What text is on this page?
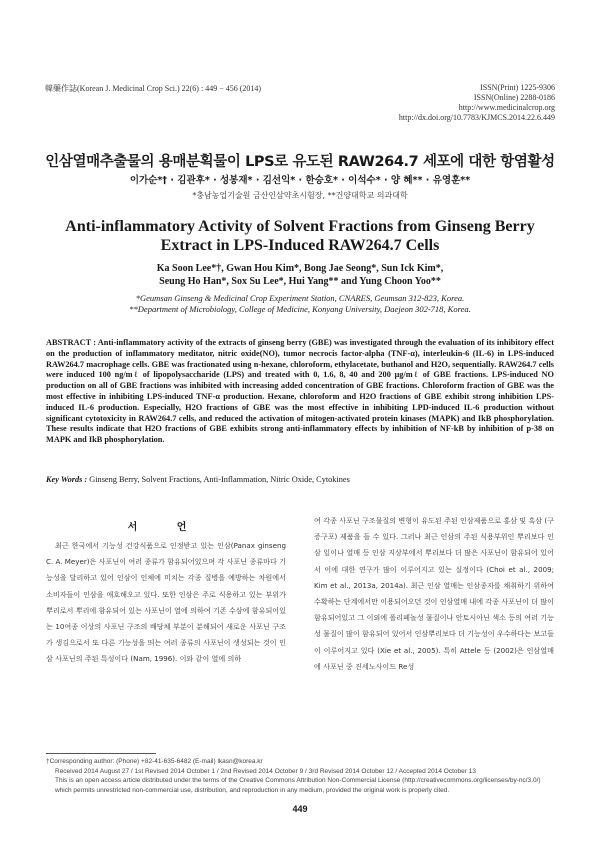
韓藥作誌(Korean J. Medicinal Crop Sci.) 22(6) : 449 − 456 (2014)	ISSN(Print) 1225-9306
ISSN(Online) 2288-0186
http://www.medicinalcrop.org
http://dx.doi.org/10.7783/KJMCS.2014.22.6.449
인삼열매추출물의 용매분획물이 LPS로 유도된 RAW264.7 세포에 대한 항염활성
이가순*† · 김관후* · 성봉재* · 김선익* · 한승호* · 이석수* · 양 혜** · 유영훈**
*충남농업기술원 금산인삼약초시험장, **건양대학교 의과대학
Anti-inflammatory Activity of Solvent Fractions from Ginseng Berry Extract in LPS-Induced RAW264.7 Cells
Ka Soon Lee*†, Gwan Hou Kim*, Bong Jae Seong*, Sun Ick Kim*,
Seung Ho Han*, Sox Su Lee*, Hui Yang** and Yung Choon Yoo**
*Geumsan Ginseng & Medicinal Crop Experiment Station, CNARES, Geumsan 312-823, Korea.
**Department of Microbiology, College of Medicine, Konyang University, Daejeon 302-718, Korea.
ABSTRACT : Anti-inflammatory activity of the extracts of ginseng berry (GBE) was investigated through the evaluation of its inhibitory effect on the production of inflammatory meditator, nitric oxide(NO), tumor necrocis factor-alpha (TNF-α), interleukin-6 (IL-6) in LPS-induced RAW264.7 macrophage cells. GBE was fractionated using n-hexane, chloroform, ethylacetate, buthanol and H2O, sequentially. RAW264.7 cells were induced 100 ng/mℓ of lipopolysaccharide (LPS) and treated with 0, 1.6, 8, 40 and 200 μg/mℓ of GBE fractions. LPS-induced NO production on all of GBE fractions was inhibited with increasing added concentration of GBE fractions. Chloroform fraction of GBE was the most effective in inhibiting LPS-induced TNF-α production. Hexane, chloroform and H2O fractions of GBE exhibit strong inhibition LPS-induced IL-6 production. Especially, H2O fractions of GBE was the most effective in inhibiting LPD-induced IL-6 production without significant cytotoxicity in RAW264.7 cells, and reduced the activation of mitogen-activated protein kinases (MAPK) and IkB phosphorylation. These results indicate that H2O fractions of GBE exhibits strong anti-inflammatory effects by inhibition of NF-kB by inhibition of p-38 on MAPK and IkB phosphorylation.
Key Words : Ginseng Berry, Solvent Fractions, Anti-Inflammation, Nitric Oxide, Cytokines
서 언
최근 한국에서 기능성 건강식품으로 인정받고 있는 인삼(Panax ginseng C. A. Meyer)은 사포닌이 여러 종류가 함유되어있으며 각 사포닌 종류마다 기능성을 달리하고 있어 인삼이 인체에 미치는 각종 질병을 예방하는 차원에서 소비자들이 인삼을 애호해오고 있다. 또한 인삼은 주로 식용하고 있는 부위가 뿌리로서 뿌리에 함유되어 있는 사포닌이 열에 의하여 기존 수삼에 함유되어있는 10여종 이상의 사포닌 구조의 배당체 부분이 분해되어 새로운 사포닌 구조가 생김으로서 또 다른 기능성을 띄는 여러 종류의 사포닌이 생성되는 것이 인삼 사포닌의 주된 특성이다 (Nam, 1996). 이와 같이 열에 의하
여 각종 사포닌 구조물질의 변형이 유도된 주된 인삼제품으로 홍삼 및 흑삼 (구증구포) 제품을 들 수 있다. 그러나 최근 인삼의 주된 식용부위인 뿌리보다 인삼 잎이나 열매 등 인삼 지상부에서 뿌리보다 더 많은 사포닌이 함유되어 있어서 이에 대한 연구가 많이 이루어지고 있는 실정이다 (Choi et al., 2009; Kim et al., 2013a, 2014a). 최근 인삼 열매는 인삼종자를 채취하기 위하여 수확하는 단계에서만 이용되어오던 것이 인삼열매 내에 각종 사포닌이 더 많이 함유되어있고 그 이외에 폴리페놀성 물질이나 안토시아닌 색소 등의 여러 기능성 물질이 많이 함유되어 있어서 인삼뿌리보다 더 기능성이 우수하다는 보고들이 이루어지고 있다 (Xie et al., 2005). 특히 Attele 등 (2002)은 인삼열매에 사포닌 중 진세노사이드 Re성
†Corresponding author: (Phone) +82-41-635-6482 (E-mail) lkasn@korea.kr
Received 2014 August 27 / 1st Revised 2014 October 1 / 2nd Revised 2014 October 9 / 3rd Revised 2014 October 12 / Accepted 2014 October 13
This is an open access article distributed under the terms of the Creative Commons Attribution Non-Commercial License (http://creativecommons.org/licenses/by-nc/3.0/) which permits unrestricted non-commercial use, distribution, and reproduction in any medium, provided the original work is properly cited.
449
